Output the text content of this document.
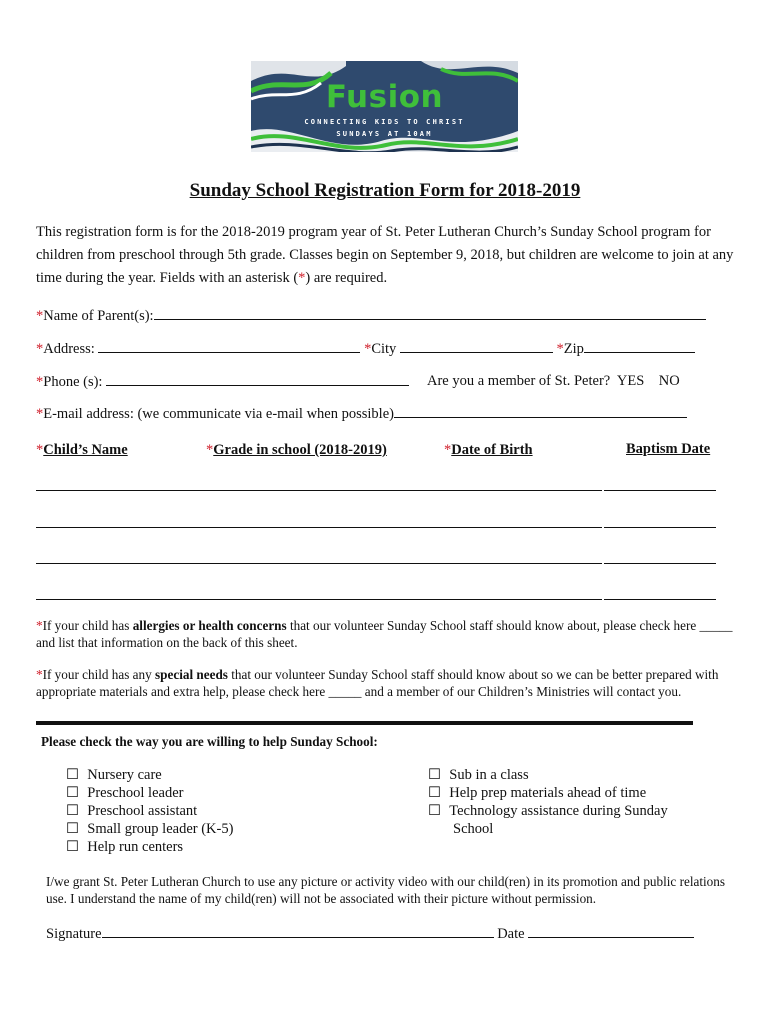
Fusion
CONNECTING KIDS TO CHRIST
SUNDAYS AT 10AM
Sunday School Registration Form for 2018-2019
This registration form is for the 2018-2019 program year of St. Peter Lutheran Church’s Sunday School program for children from preschool through 5th grade. Classes begin on September 9, 2018, but children are welcome to join at any time during the year. Fields with an asterisk (*) are required.
*Name of Parent(s):
*Address:	*City	*Zip
*Phone (s):	Are you a member of St. Peter?  YES    NO
*E-mail address: (we communicate via e-mail when possible)
*Child’s Name	*Grade in school (2018-2019)	*Date of Birth	Baptism Date
*If your child has allergies or health concerns that our volunteer Sunday School staff should know about, please check here _____ and list that information on the back of this sheet.
*If your child has any special needs that our volunteer Sunday School staff should know about so we can be better prepared with appropriate materials and extra help, please check here _____ and a member of our Children’s Ministries will contact you.
Please check the way you are willing to help Sunday School:
☐ Nursery care
☐ Preschool leader
☐ Preschool assistant
☐ Small group leader (K-5)
☐ Help run centers
☐ Sub in a class
☐ Help prep materials ahead of time
☐ Technology assistance during Sunday
School
I/we grant St. Peter Lutheran Church to use any picture or activity video with our child(ren) in its promotion and public relations use. I understand the name of my child(ren) will not be associated with their picture without permission.
Signature	Date
